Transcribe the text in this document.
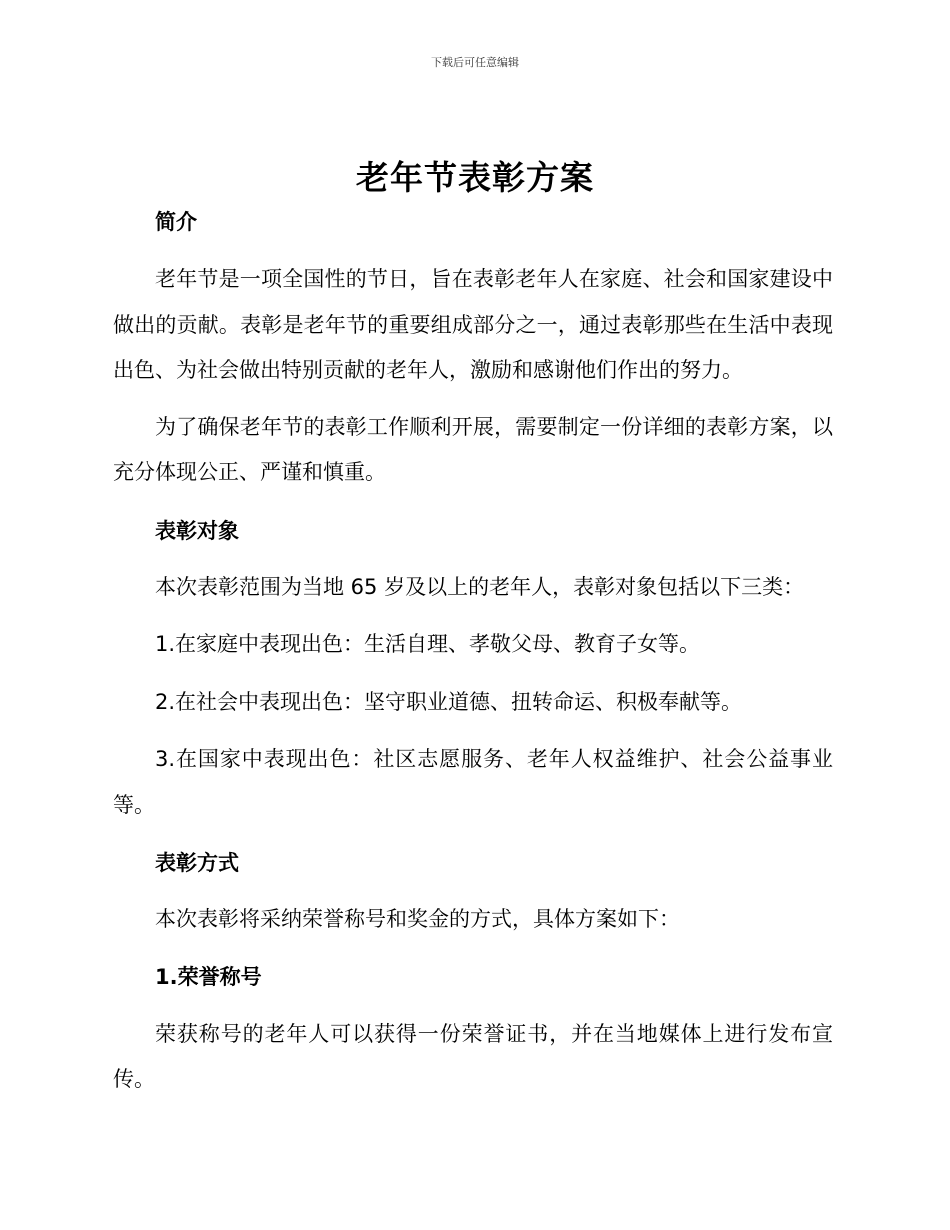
下载后可任意编辑
老年节表彰方案
简介

老年节是一项全国性的节日，旨在表彰老年人在家庭、社会和国家建设中做出的贡献。表彰是老年节的重要组成部分之一，通过表彰那些在生活中表现出色、为社会做出特别贡献的老年人，激励和感谢他们作出的努力。

为了确保老年节的表彰工作顺利开展，需要制定一份详细的表彰方案，以充分体现公正、严谨和慎重。

表彰对象

本次表彰范围为当地 65 岁及以上的老年人，表彰对象包括以下三类：

1.在家庭中表现出色：生活自理、孝敬父母、教育子女等。

2.在社会中表现出色：坚守职业道德、扭转命运、积极奉献等。

3.在国家中表现出色：社区志愿服务、老年人权益维护、社会公益事业等。

表彰方式

本次表彰将采纳荣誉称号和奖金的方式，具体方案如下：

1.荣誉称号

荣获称号的老年人可以获得一份荣誉证书，并在当地媒体上进行发布宣传。
